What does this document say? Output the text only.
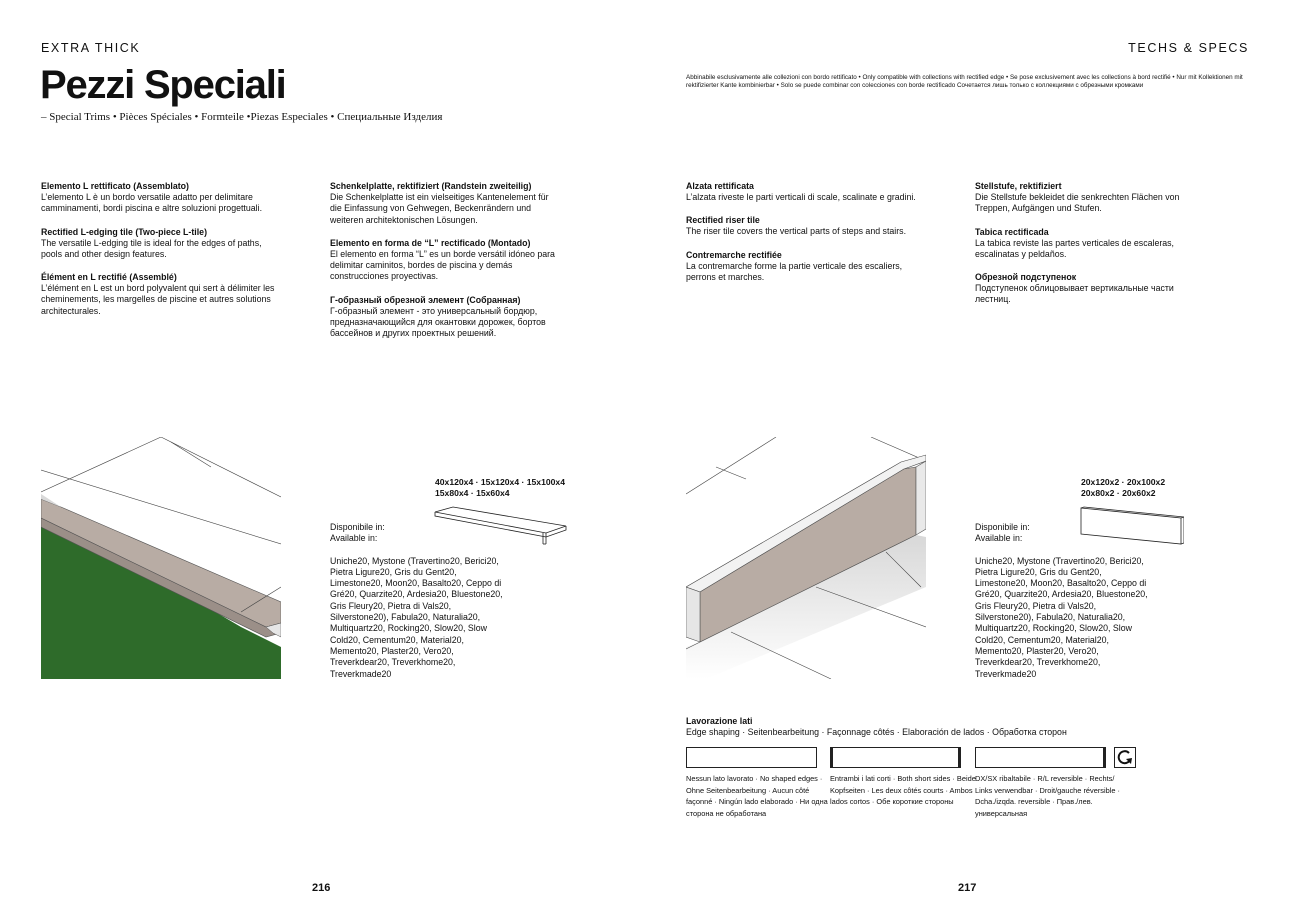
EXTRA THICK	TECHS & SPECS
Pezzi Speciali
– Special Trims • Pièces Spéciales • Formteile •Piezas Especiales • Специальные Изделия
Abbinabile esclusivamente alle collezioni con bordo rettificato • Only compatible with collections with rectified edge • Se pose exclusivement avec les collections à bord rectifié • Nur mit Kollektionen mit rektifizierter Kante kombinierbar • Solo se puede combinar con colecciones con borde rectificado Сочетается лишь только с коллекциями с обрезными кромками
Elemento L rettificato (Assemblato)
L’elemento L è un bordo versatile adatto per delimitare camminamenti, bordi piscina e altre soluzioni progettuali.
Rectified L-edging tile (Two-piece L-tile)
The versatile L-edging tile is ideal for the edges of paths, pools and other design features.
Élément en L rectifié (Assemblé)
L’élément en L est un bord polyvalent qui sert à délimiter les cheminements, les margelles de piscine et autres solutions architecturales.
Schenkelplatte, rektifiziert (Randstein zweiteilig)
Die Schenkelplatte ist ein vielseitiges Kantenelement für die Einfassung von Gehwegen, Beckenrändern und weiteren architektonischen Lösungen.
Elemento en forma de “L” rectificado (Montado)
El elemento en forma “L” es un borde versátil idóneo para delimitar caminitos, bordes de piscina y demás construcciones proyectivas.
Г-образный обрезной элемент (Собранная)
Г-образный элемент - это универсальный бордюр, предназначающийся для окантовки дорожек, бортов бассейнов и других проектных решений.
Alzata rettificata
L’alzata riveste le parti verticali di scale, scalinate e gradini.
Rectified riser tile
The riser tile covers the vertical parts of steps and stairs.
Contremarche rectifiée
La contremarche forme la partie verticale des escaliers, perrons et marches.
Stellstufe, rektifiziert
Die Stellstufe bekleidet die senkrechten Flächen von Treppen, Aufgängen und Stufen.
Tabica rectificada
La tabica reviste las partes verticales de escaleras, escalinatas y peldaños.
Обрезной подступенок
Подступенок облицовывает вертикальные части лестниц.
40x120x4 · 15x120x4 · 15x100x4
15x80x4 · 15x60x4
Disponibile in:
Available in:
Uniche20, Mystone (Travertino20, Berici20, Pietra Ligure20, Gris du Gent20, Limestone20, Moon20, Basalto20, Ceppo di Gré20, Quarzite20, Ardesia20, Bluestone20, Gris Fleury20, Pietra di Vals20, Silverstone20), Fabula20, Naturalia20, Multiquartz20, Rocking20, Slow20, Slow Cold20, Cementum20, Material20, Memento20, Plaster20, Vero20, Treverkdear20, Treverkhome20, Treverkmade20
20x120x2 · 20x100x2
20x80x2 · 20x60x2
Disponibile in:
Available in:
Uniche20, Mystone (Travertino20, Berici20, Pietra Ligure20, Gris du Gent20, Limestone20, Moon20, Basalto20, Ceppo di Gré20, Quarzite20, Ardesia20, Bluestone20, Gris Fleury20, Pietra di Vals20, Silverstone20), Fabula20, Naturalia20, Multiquartz20, Rocking20, Slow20, Slow Cold20, Cementum20, Material20, Memento20, Plaster20, Vero20, Treverkdear20, Treverkhome20, Treverkmade20
Lavorazione lati
Edge shaping · Seitenbearbeitung · Façonnage côtés · Elaboración de lados · Обработка сторон
Nessun lato lavorato · No shaped edges · Ohne Seitenbearbeitung · Aucun côté façonné · Ningún lado elaborado · Ни одна сторона не обработана
Entrambi i lati corti · Both short sides · Beide Kopfseiten · Les deux côtés courts · Ambos lados cortos · Обе короткие стороны
DX/SX ribaltabile · R/L reversible · Rechts/ Links verwendbar · Droit/gauche réversible · Dcha./izqda. reversible · Прав./лев. универсальная
216	217
